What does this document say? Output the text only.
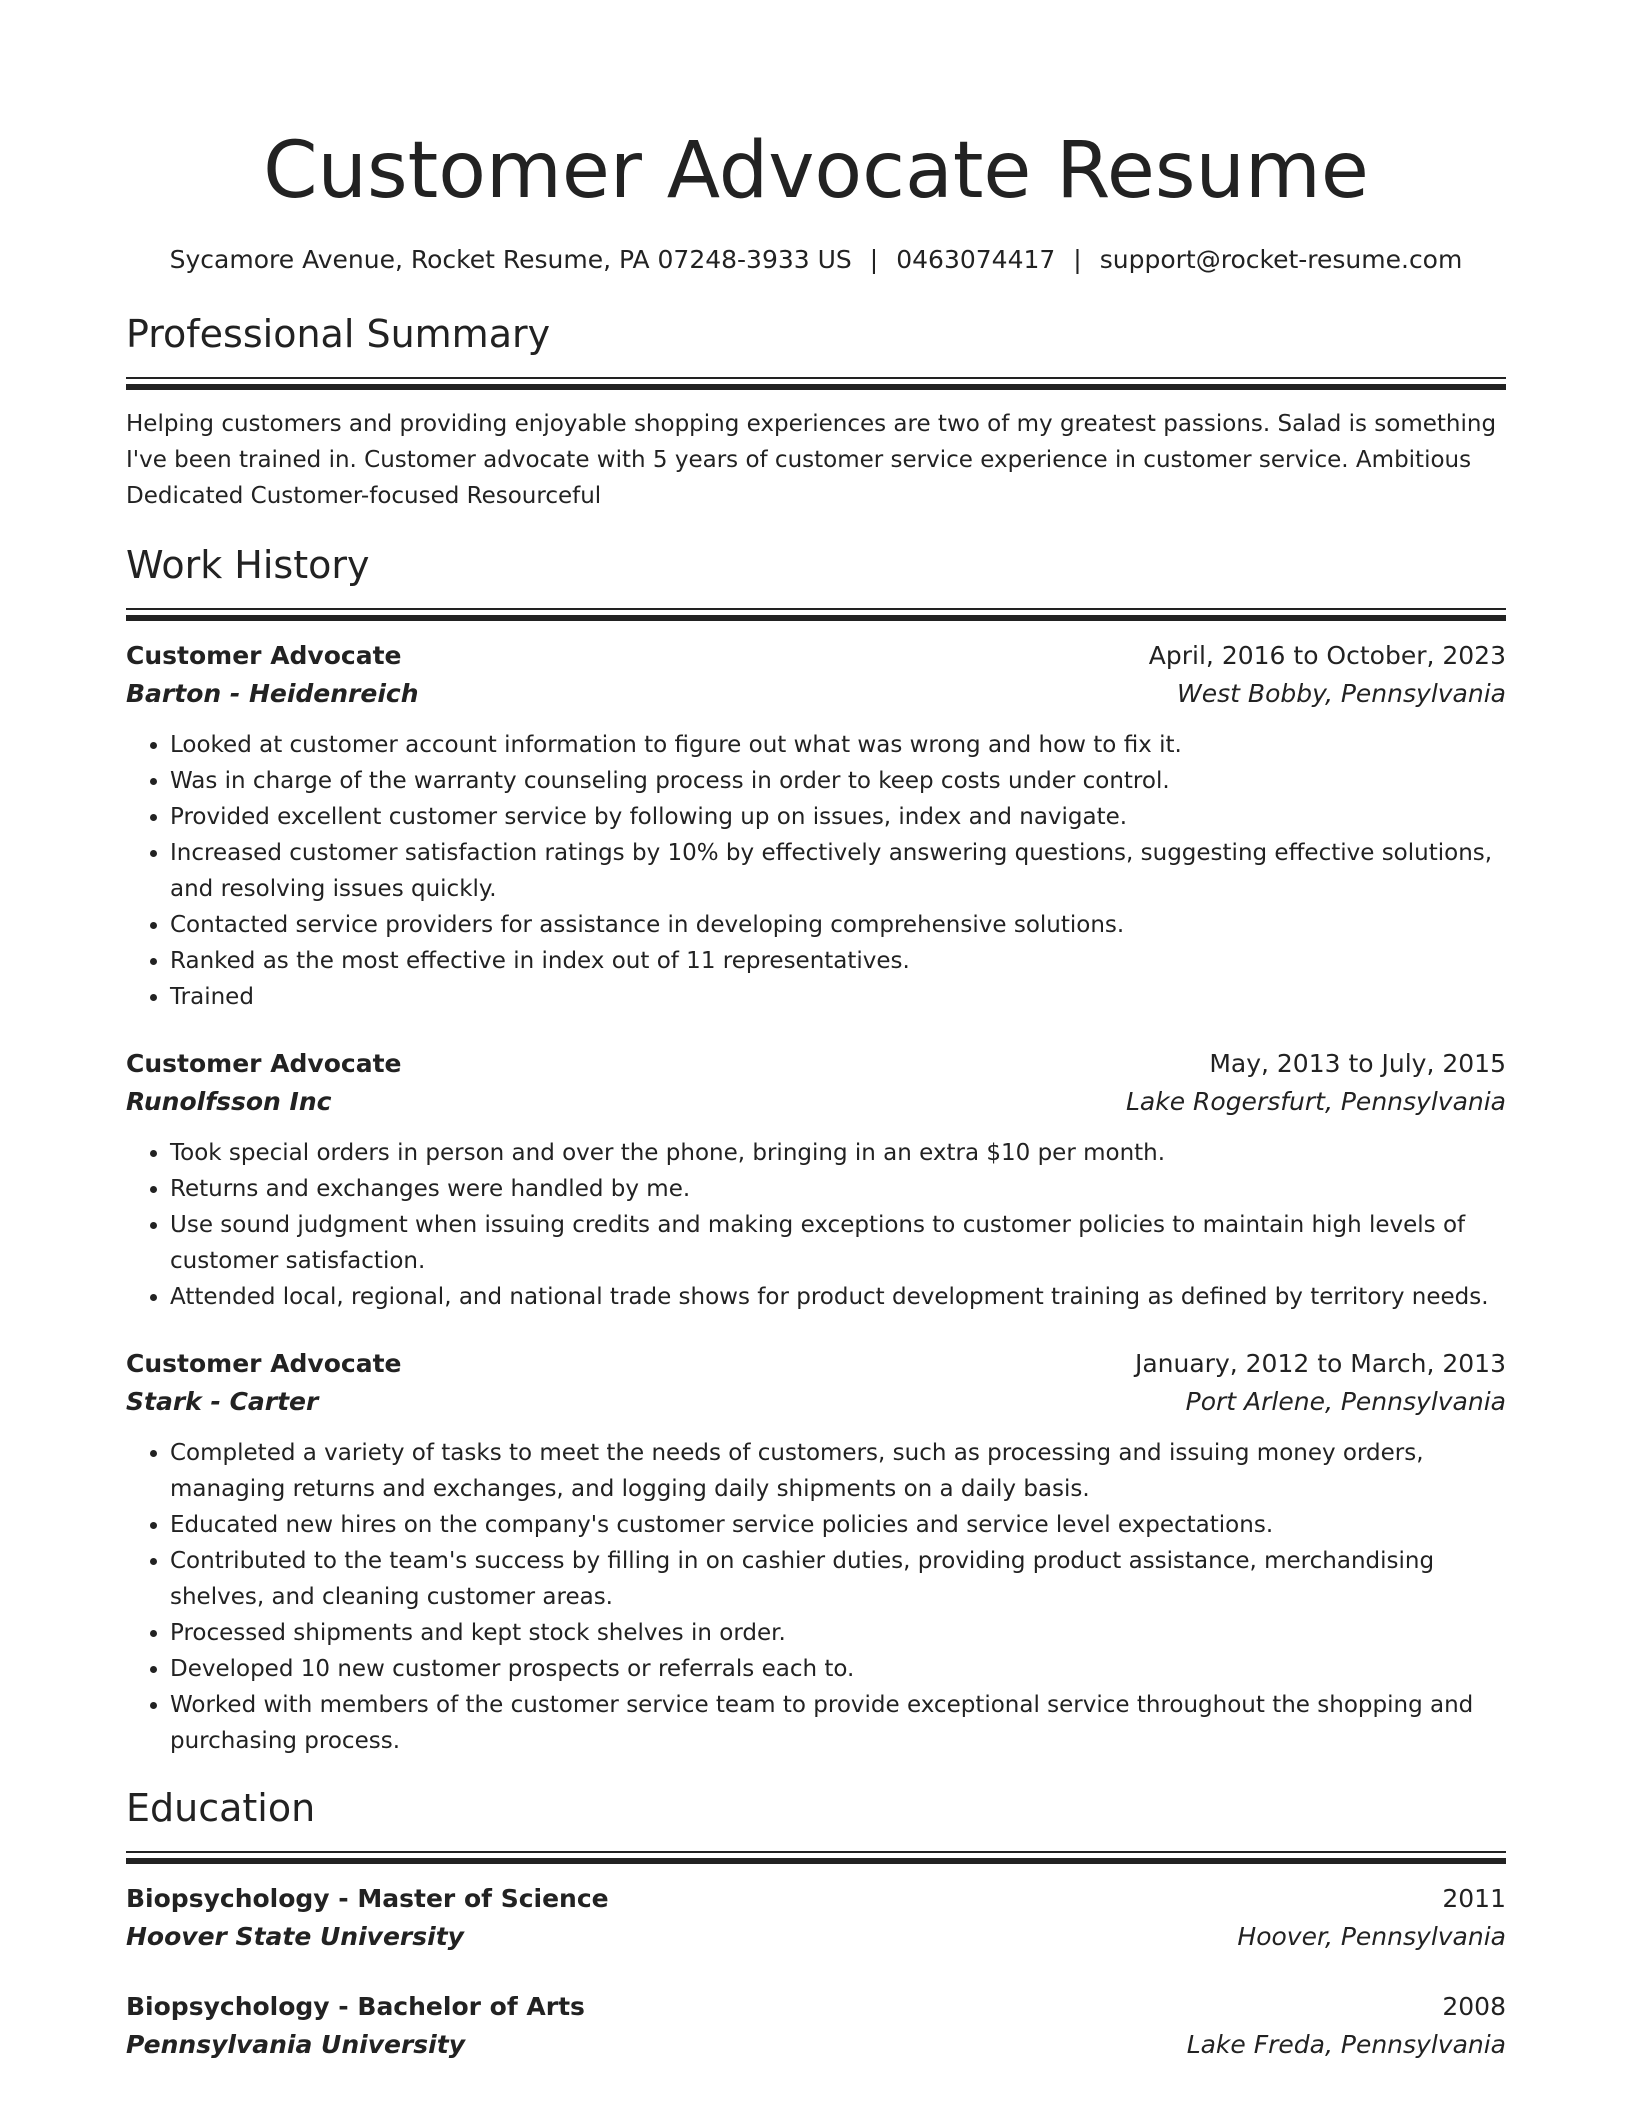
Customer Advocate Resume
Sycamore Avenue, Rocket Resume, PA 07248-3933 US | 0463074417 | support@rocket-resume.com
Professional Summary
Helping customers and providing enjoyable shopping experiences are two of my greatest passions. Salad is something I've been trained in. Customer advocate with 5 years of customer service experience in customer service. Ambitious Dedicated Customer-focused Resourceful
Work History
Customer Advocate	April, 2016 to October, 2023
Barton - Heidenreich	West Bobby, Pennsylvania
• Looked at customer account information to figure out what was wrong and how to fix it.
• Was in charge of the warranty counseling process in order to keep costs under control.
• Provided excellent customer service by following up on issues, index and navigate.
• Increased customer satisfaction ratings by 10% by effectively answering questions, suggesting effective solutions, and resolving issues quickly.
• Contacted service providers for assistance in developing comprehensive solutions.
• Ranked as the most effective in index out of 11 representatives.
• Trained
Customer Advocate	May, 2013 to July, 2015
Runolfsson Inc	Lake Rogersfurt, Pennsylvania
• Took special orders in person and over the phone, bringing in an extra $10 per month.
• Returns and exchanges were handled by me.
• Use sound judgment when issuing credits and making exceptions to customer policies to maintain high levels of customer satisfaction.
• Attended local, regional, and national trade shows for product development training as defined by territory needs.
Customer Advocate	January, 2012 to March, 2013
Stark - Carter	Port Arlene, Pennsylvania
• Completed a variety of tasks to meet the needs of customers, such as processing and issuing money orders, managing returns and exchanges, and logging daily shipments on a daily basis.
• Educated new hires on the company's customer service policies and service level expectations.
• Contributed to the team's success by filling in on cashier duties, providing product assistance, merchandising shelves, and cleaning customer areas.
• Processed shipments and kept stock shelves in order.
• Developed 10 new customer prospects or referrals each to.
• Worked with members of the customer service team to provide exceptional service throughout the shopping and purchasing process.
Education
Biopsychology - Master of Science	2011
Hoover State University	Hoover, Pennsylvania
Biopsychology - Bachelor of Arts	2008
Pennsylvania University	Lake Freda, Pennsylvania
